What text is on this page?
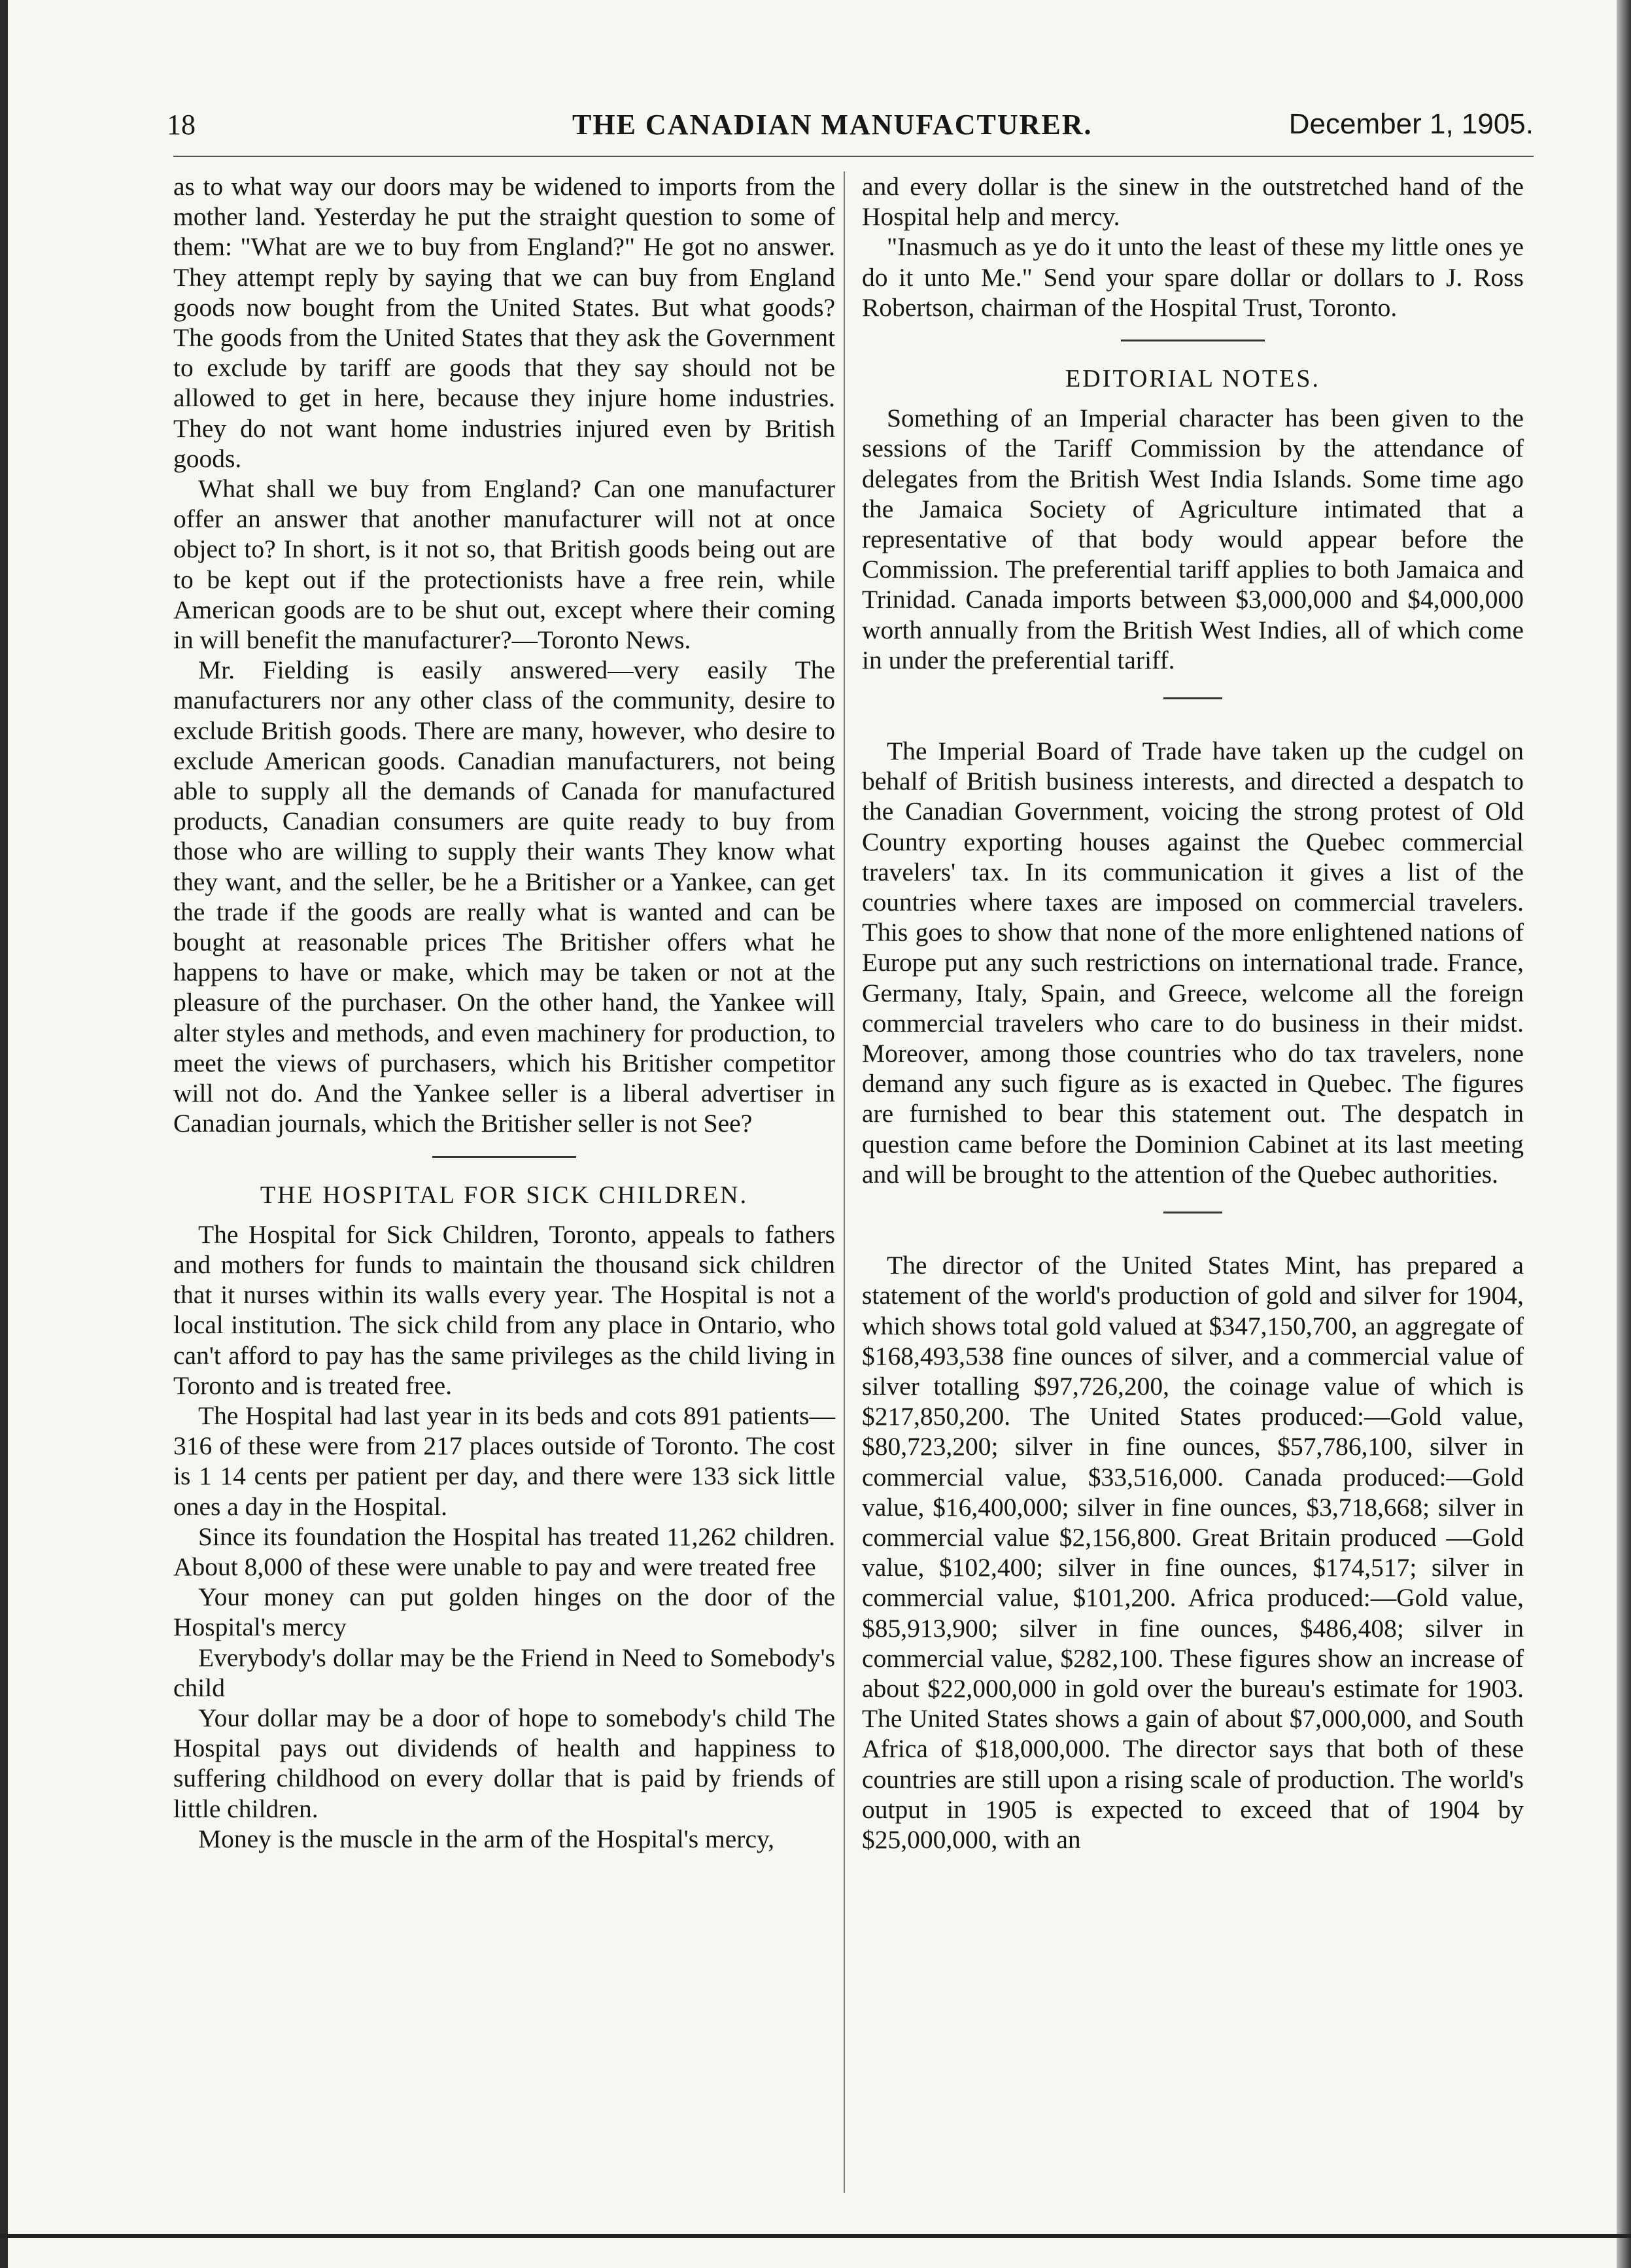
18	THE CANADIAN MANUFACTURER.	December 1, 1905.

as to what way our doors may be widened to imports from the mother land. Yesterday he put the straight question to some of them: "What are we to buy from England?" He got no answer. They attempt reply by saying that we can buy from England goods now bought from the United States. But what goods? The goods from the United States that they ask the Government to exclude by tariff are goods that they say should not be allowed to get in here, because they injure home industries. They do not want home industries injured even by British goods.

What shall we buy from England? Can one manufacturer offer an answer that another manufacturer will not at once object to? In short, is it not so, that British goods being out are to be kept out if the protectionists have a free rein, while American goods are to be shut out, except where their coming in will benefit the manufacturer?—Toronto News.

Mr. Fielding is easily answered—very easily The manufacturers nor any other class of the community, desire to exclude British goods. There are many, however, who desire to exclude American goods. Canadian manufacturers, not being able to supply all the demands of Canada for manufactured products, Canadian consumers are quite ready to buy from those who are willing to supply their wants They know what they want, and the seller, be he a Britisher or a Yankee, can get the trade if the goods are really what is wanted and can be bought at reasonable prices The Britisher offers what he happens to have or make, which may be taken or not at the pleasure of the purchaser. On the other hand, the Yankee will alter styles and methods, and even machinery for production, to meet the views of purchasers, which his Britisher competitor will not do. And the Yankee seller is a liberal advertiser in Canadian journals, which the Britisher seller is not See?

THE HOSPITAL FOR SICK CHILDREN.

The Hospital for Sick Children, Toronto, appeals to fathers and mothers for funds to maintain the thousand sick children that it nurses within its walls every year. The Hospital is not a local institution. The sick child from any place in Ontario, who can't afford to pay has the same privileges as the child living in Toronto and is treated free.

The Hospital had last year in its beds and cots 891 patients—316 of these were from 217 places outside of Toronto. The cost is 1 14 cents per patient per day, and there were 133 sick little ones a day in the Hospital.

Since its foundation the Hospital has treated 11,262 children. About 8,000 of these were unable to pay and were treated free

Your money can put golden hinges on the door of the Hospital's mercy

Everybody's dollar may be the Friend in Need to Somebody's child

Your dollar may be a door of hope to somebody's child The Hospital pays out dividends of health and happiness to suffering childhood on every dollar that is paid by friends of little children.

Money is the muscle in the arm of the Hospital's mercy,

and every dollar is the sinew in the outstretched hand of the Hospital help and mercy.

"Inasmuch as ye do it unto the least of these my little ones ye do it unto Me." Send your spare dollar or dollars to J. Ross Robertson, chairman of the Hospital Trust, Toronto.

EDITORIAL NOTES.

Something of an Imperial character has been given to the sessions of the Tariff Commission by the attendance of delegates from the British West India Islands. Some time ago the Jamaica Society of Agriculture intimated that a representative of that body would appear before the Commission. The preferential tariff applies to both Jamaica and Trinidad. Canada imports between $3,000,000 and $4,000,000 worth annually from the British West Indies, all of which come in under the preferential tariff.

The Imperial Board of Trade have taken up the cudgel on behalf of British business interests, and directed a despatch to the Canadian Government, voicing the strong protest of Old Country exporting houses against the Quebec commercial travelers' tax. In its communication it gives a list of the countries where taxes are imposed on commercial travelers. This goes to show that none of the more enlightened nations of Europe put any such restrictions on international trade. France, Germany, Italy, Spain, and Greece, welcome all the foreign commercial travelers who care to do business in their midst. Moreover, among those countries who do tax travelers, none demand any such figure as is exacted in Quebec. The figures are furnished to bear this statement out. The despatch in question came before the Dominion Cabinet at its last meeting and will be brought to the attention of the Quebec authorities.

The director of the United States Mint, has prepared a statement of the world's production of gold and silver for 1904, which shows total gold valued at $347,150,700, an aggregate of $168,493,538 fine ounces of silver, and a commercial value of silver totalling $97,726,200, the coinage value of which is $217,850,200. The United States produced:—Gold value, $80,723,200; silver in fine ounces, $57,786,100, silver in commercial value, $33,516,000. Canada produced:—Gold value, $16,400,000; silver in fine ounces, $3,718,668; silver in commercial value $2,156,800. Great Britain produced —Gold value, $102,400; silver in fine ounces, $174,517; silver in commercial value, $101,200. Africa produced:—Gold value, $85,913,900; silver in fine ounces, $486,408; silver in commercial value, $282,100. These figures show an increase of about $22,000,000 in gold over the bureau's estimate for 1903. The United States shows a gain of about $7,000,000, and South Africa of $18,000,000. The director says that both of these countries are still upon a rising scale of production. The world's output in 1905 is expected to exceed that of 1904 by $25,000,000, with an
